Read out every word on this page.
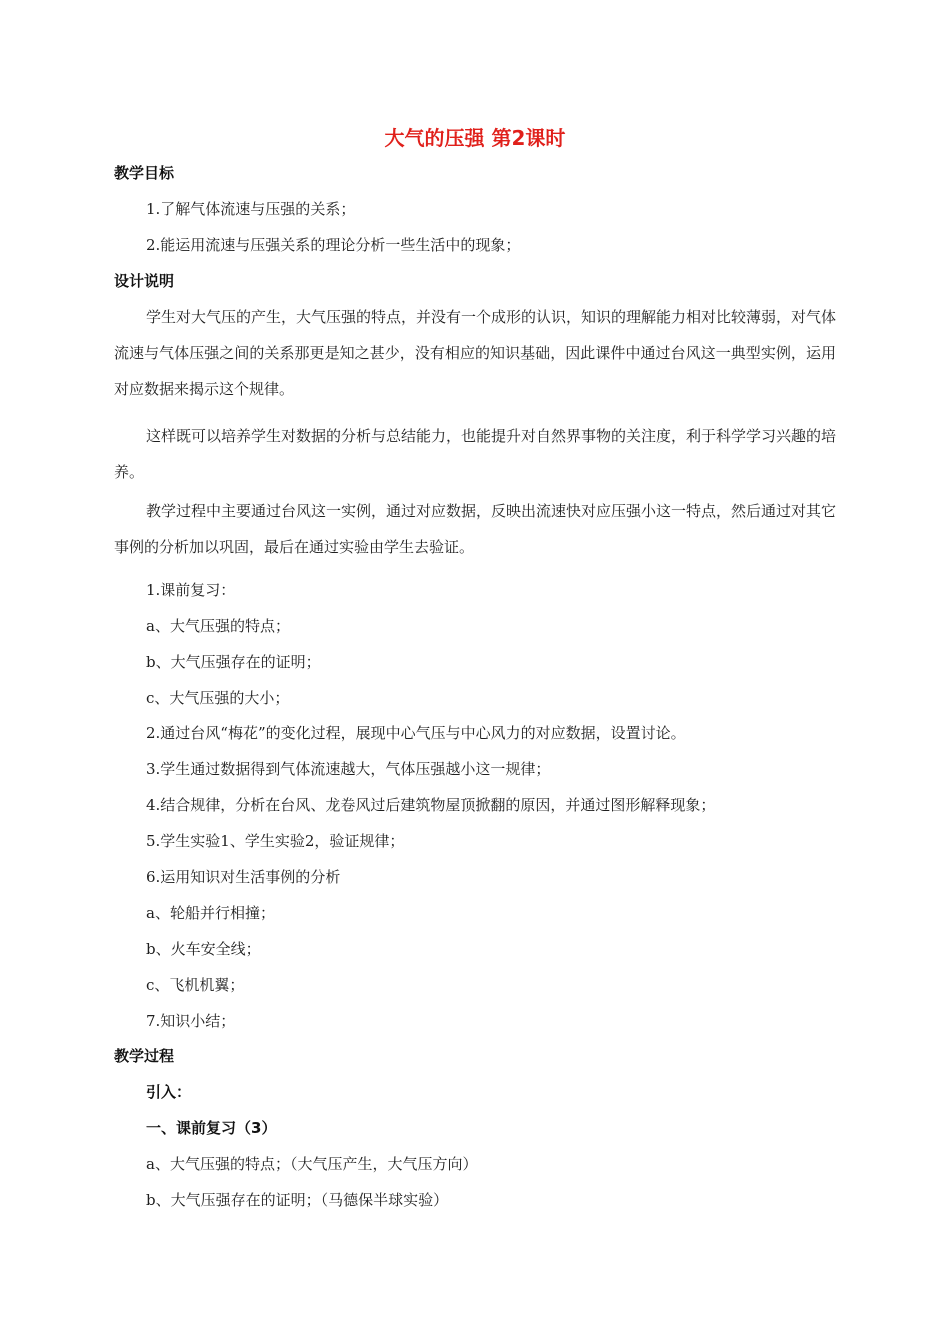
大气的压强 第2课时
教学目标
1.了解气体流速与压强的关系；
2.能运用流速与压强关系的理论分析一些生活中的现象；
设计说明

学生对大气压的产生，大气压强的特点，并没有一个成形的认识，知识的理解能力相对比较薄弱，对气体流速与气体压强之间的关系那更是知之甚少，没有相应的知识基础，因此课件中通过台风这一典型实例，运用对应数据来揭示这个规律。

这样既可以培养学生对数据的分析与总结能力，也能提升对自然界事物的关注度，利于科学学习兴趣的培养。

教学过程中主要通过台风这一实例，通过对应数据，反映出流速快对应压强小这一特点，然后通过对其它事例的分析加以巩固，最后在通过实验由学生去验证。

1.课前复习：
a、大气压强的特点；
b、大气压强存在的证明；
c、大气压强的大小；
2.通过台风“梅花”的变化过程，展现中心气压与中心风力的对应数据，设置讨论。
3.学生通过数据得到气体流速越大，气体压强越小这一规律；
4.结合规律，分析在台风、龙卷风过后建筑物屋顶掀翻的原因，并通过图形解释现象；
5.学生实验1、学生实验2，验证规律；
6.运用知识对生活事例的分析
a、轮船并行相撞；
b、火车安全线；
c、飞机机翼；
7.知识小结；
教学过程
引入：
一、课前复习（3）
a、大气压强的特点；（大气压产生，大气压方向）
b、大气压强存在的证明；（马德保半球实验）
